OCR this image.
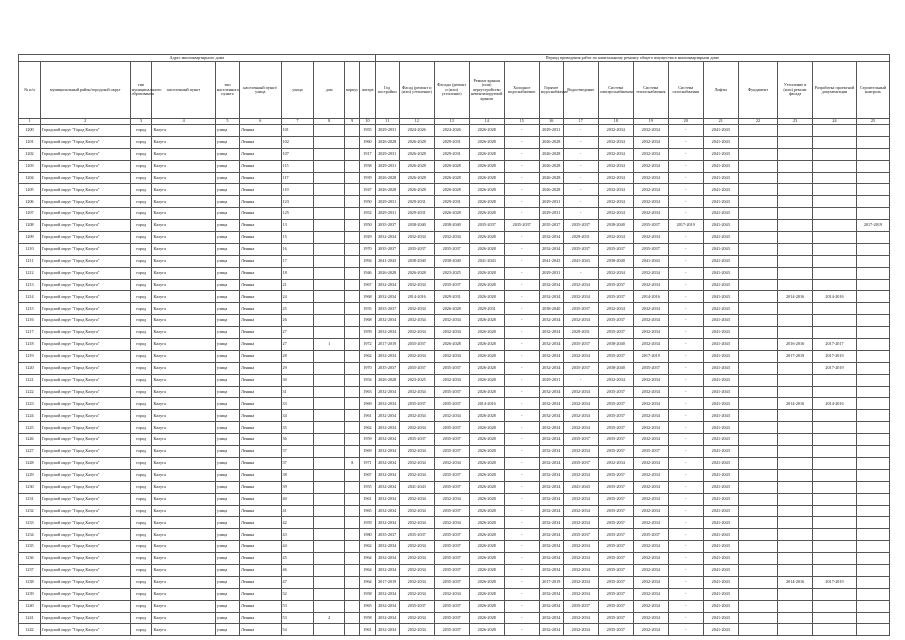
Адрес многоквартирного дома										Период проведения работ по капитальному ремонту общего имущества в многоквартирном доме														
№ п/п	муниципальный район/городской округ	тип муниципального образования	населенный пункт	тип населенного пункта	населенный пункт/улица	улица	дом	корпус	литера	Год постройки	Фасад (ремонт и (или) утепление)	Фасады (ремонт и (или) утепление)	Ремонт крыши (или) переустройство невентилируемой крыши	Холодное водоснабжение	Горячее водоснабжение	Водоотведение	Система электроснабжения	Система теплоснабжения	Система газоснабжения	Лифты	Фундамент	Утепление и (или) ремонт фасада	Разработка проектной документации	Строительный контроль
1	2	3	4	5	6	7	8	9	10	11	12	13	14	15	16	17	18	19	20	21	22	23	24	25
1200	Городской округ "Город Калуга"	город	Калуга	улица	Ленина	101			1955	2029-2031	2024-2026	2024-2026	2026-2028	-	2029-2031	-	2032-2034	2032-2034	-	2041-2043				
1201	Городской округ "Город Калуга"	город	Калуга	улица	Ленина	102			1960	2026-2028	2026-2028	2029-2031	2026-2028	-	2026-2028	-	2032-2034	2032-2034	-	2041-2043				
1202	Городской округ "Город Калуга"	город	Калуга	улица	Ленина	107			1917	2029-2031	2026-2028	2029-2031	2026-2028	-	2026-2028	-	2032-2034	2032-2034	-	2041-2043				
1203	Городской округ "Город Калуга"	город	Калуга	улица	Ленина	115			1938	2029-2031	2026-2028	2026-2028	2026-2028	-	2026-2028	-	2032-2034	2032-2034	-	2041-2043				
1204	Городской округ "Город Калуга"	город	Калуга	улица	Ленина	117			1939	2026-2028	2026-2028	2026-2028	2026-2028	-	2026-2028	-	2032-2034	2032-2034	-	2041-2043				
1205	Городской округ "Город Калуга"	город	Калуга	улица	Ленина	119			1947	2026-2028	2026-2028	2026-2028	2026-2028	-	2026-2028	-	2032-2034	2032-2034	-	2041-2043				
1206	Городской округ "Город Калуга"	город	Калуга	улица	Ленина	123			1950	2029-2031	2029-2031	2029-2031	2026-2028	-	2029-2031	-	2032-2034	2032-2034	-	2041-2043				
1207	Городской округ "Город Калуга"	город	Калуга	улица	Ленина	125			1952	2029-2031	2029-2031	2026-2028	2026-2028	-	2029-2031	-	2032-2034	2032-2034	-	2041-2043				
1208	Городской округ "Город Калуга"	город	Калуга	улица	Ленина	13			1950	2035-2037	2038-2040	2038-2040	2035-2037	2035-2037	2035-2037	2035-2037	2038-2040	2035-2037	2017-2019	2041-2043				2017-2019
1209	Городской округ "Город Калуга"	город	Калуга	улица	Ленина	15			1929	2032-2034	2032-2034	2032-2034	2026-2028	-	2032-2034	2029-2031	2032-2034	2032-2034	-	2041-2043				
1210	Городской округ "Город Калуга"	город	Калуга	улица	Ленина	16			1970	2035-2037	2035-2037	2035-2037	2026-2028	-	2032-2034	2035-2037	2035-2037	2035-2037	-	2041-2043				
1211	Городской округ "Город Калуга"	город	Калуга	улица	Ленина	17			1994	2041-2043	2038-2040	2038-2040	2041-2043	-	2041-2043	2041-2043	2038-2040	2041-2043	-	2041-2043				
1212	Городской округ "Город Калуга"	город	Калуга	улица	Ленина	18			1946	2026-2028	2026-2028	2023-2025	2026-2028	-	2029-2031	-	2032-2034	2032-2034	-	2041-2043				
1213	Городской округ "Город Калуга"	город	Калуга	улица	Ленина	21			1967	2032-2034	2032-2034	2035-2037	2026-2028	-	2032-2034	2032-2034	2035-2037	2032-2034	-	2041-2043				
1214	Городской округ "Город Калуга"	город	Калуга	улица	Ленина	24			1968	2032-2034	2014-2016	2029-2031	2026-2028	-	2032-2034	2032-2034	2035-2037	2014-2016	-	2041-2043		2014-2016	2014-2016	
1215	Городской округ "Город Калуга"	город	Калуга	улица	Ленина	25			1935	2035-2037	2032-2034	2026-2028	2029-2031	-	2038-2040	2035-2037	2032-2034	2032-2034	-	2041-2043				
1216	Городской округ "Город Калуга"	город	Калуга	улица	Ленина	26			1968	2032-2034	2032-2034	2032-2034	2026-2028	-	2032-2034	2032-2034	2035-2037	2032-2034	-	2041-2043				
1217	Городской округ "Город Калуга"	город	Калуга	улица	Ленина	27			1959	2032-2034	2032-2034	2032-2034	2026-2028	-	2032-2034	2029-2031	2035-2037	2032-2034	-	2041-2043				
1218	Городской округ "Город Калуга"	город	Калуга	улица	Ленина	27	1		1972	2017-2019	2035-2037	2026-2028	2026-2028	-	2032-2034	2035-2037	2038-2040	2032-2034	-	2041-2043		2016-2016	2017-2017	
1219	Городской округ "Город Калуга"	город	Калуга	улица	Ленина	28			1962	2032-2034	2032-2034	2032-2034	2026-2028	-	2032-2034	2032-2034	2035-2037	2017-2019	-	2041-2043		2017-2019	2017-2019	
1220	Городской округ "Город Калуга"	город	Калуга	улица	Ленина	29			1970	2035-2037	2035-2037	2035-2037	2026-2028	-	2032-2034	2035-2037	2038-2040	2035-2037	-	2041-2043			2017-2019	
1221	Городской округ "Город Калуга"	город	Калуга	улица	Ленина	30			1954	2026-2028	2023-2025	2032-2034	2026-2028	-	2029-2031	-	2032-2034	2032-2034	-	2041-2043				
1222	Городской округ "Город Калуга"	город	Калуга	улица	Ленина	31			1963	2032-2034	2032-2034	2035-2037	2026-2028	-	2032-2034	2032-2034	2035-2037	2032-2034	-	2041-2043				
1223	Городской округ "Город Калуга"	город	Калуга	улица	Ленина	33			1969	2032-2034	2035-2037	2035-2037	2014-2016	-	2032-2034	2032-2034	2035-2037	2032-2034	-	2041-2043		2014-2016	2014-2016	
1224	Городской округ "Город Калуга"	город	Калуга	улица	Ленина	34			1961	2032-2034	2032-2034	2032-2034	2026-2028	-	2032-2034	2032-2034	2035-2037	2032-2034	-	2041-2043				
1225	Городской округ "Город Калуга"	город	Калуга	улица	Ленина	35			1962	2032-2034	2032-2034	2035-2037	2026-2028	-	2032-2034	2032-2034	2035-2037	2032-2034	-	2041-2043				
1226	Городской округ "Город Калуга"	город	Калуга	улица	Ленина	36			1959	2032-2034	2035-2037	2035-2037	2026-2028	-	2032-2034	2035-2037	2035-2037	2032-2034	-	2041-2043				
1227	Городской округ "Город Калуга"	город	Калуга	улица	Ленина	37			1969	2032-2034	2032-2034	2035-2037	2026-2028	-	2032-2034	2032-2034	2035-2037	2035-2037	-	2041-2043				
1228	Городской округ "Город Калуга"	город	Калуга	улица	Ленина	37		А	1971	2032-2034	2032-2034	2032-2034	2026-2028	-	2032-2034	2035-2037	2032-2034	2032-2034	-	2041-2043				
1229	Городской округ "Город Калуга"	город	Калуга	улица	Ленина	38			1967	2032-2034	2032-2034	2035-2037	2026-2028	-	2032-2034	2032-2034	2035-2037	2032-2034	-	2041-2043				
1230	Городской округ "Город Калуга"	город	Калуга	улица	Ленина	39			1955	2032-2034	2041-2043	2035-2037	2026-2028	-	2032-2034	2041-2043	2035-2037	2032-2034	-	2041-2043				
1231	Городской округ "Город Калуга"	город	Калуга	улица	Ленина	40			1961	2032-2034	2032-2034	2032-2034	2026-2028	-	2032-2034	2032-2034	2035-2037	2032-2034	-	2041-2043				
1232	Городской округ "Город Калуга"	город	Калуга	улица	Ленина	41			1965	2032-2034	2032-2034	2035-2037	2026-2028	-	2032-2034	2032-2034	2035-2037	2032-2034	-	2041-2043				
1233	Городской округ "Город Калуга"	город	Калуга	улица	Ленина	42			1959	2032-2034	2032-2034	2032-2034	2026-2028	-	2032-2034	2032-2034	2035-2037	2032-2034	-	2041-2043				
1234	Городской округ "Город Калуга"	город	Калуга	улица	Ленина	43			1980	2035-2037	2035-2037	2035-2037	2026-2028	-	2032-2034	2035-2037	2035-2037	2035-2037	-	2041-2043				
1235	Городской округ "Город Калуга"	город	Калуга	улица	Ленина	44			1962	2032-2034	2032-2034	2035-2037	2026-2028	-	2032-2034	2032-2034	2035-2037	2032-2034	-	2041-2043				
1236	Городской округ "Город Калуга"	город	Калуга	улица	Ленина	45			1964	2032-2034	2032-2034	2035-2037	2026-2028	-	2032-2034	2032-2034	2035-2037	2032-2034	-	2041-2043				
1237	Городской округ "Город Калуга"	город	Калуга	улица	Ленина	46			1964	2032-2034	2032-2034	2035-2037	2026-2028	-	2032-2034	2032-2034	2035-2037	2032-2034	-	2041-2043				
1238	Городской округ "Город Калуга"	город	Калуга	улица	Ленина	47			1964	2017-2019	2032-2034	2035-2037	2026-2028	-	2017-2019	2032-2034	2035-2037	2032-2034	-	2041-2043		2014-2016	2017-2019	
1239	Городской округ "Город Калуга"	город	Калуга	улица	Ленина	52			1958	2032-2034	2032-2034	2032-2034	2026-2028	-	2032-2034	2032-2034	2035-2037	2032-2034	-	2041-2043				
1240	Городской округ "Город Калуга"	город	Калуга	улица	Ленина	53			1965	2032-2034	2035-2037	2035-2037	2026-2028	-	2032-2034	2035-2037	2035-2037	2032-2034	-	2041-2043				
1241	Городской округ "Город Калуга"	город	Калуга	улица	Ленина	53	2		1958	2032-2034	2032-2034	2035-2037	2026-2028	-	2032-2034	2032-2034	2035-2037	2032-2034	-	2041-2043				
1242	Городской округ "Город Калуга"	город	Калуга	улица	Ленина	54			1961	2032-2034	2032-2034	2035-2037	2026-2028	-	2032-2034	2032-2034	2035-2037	2032-2034	-	2041-2043				
